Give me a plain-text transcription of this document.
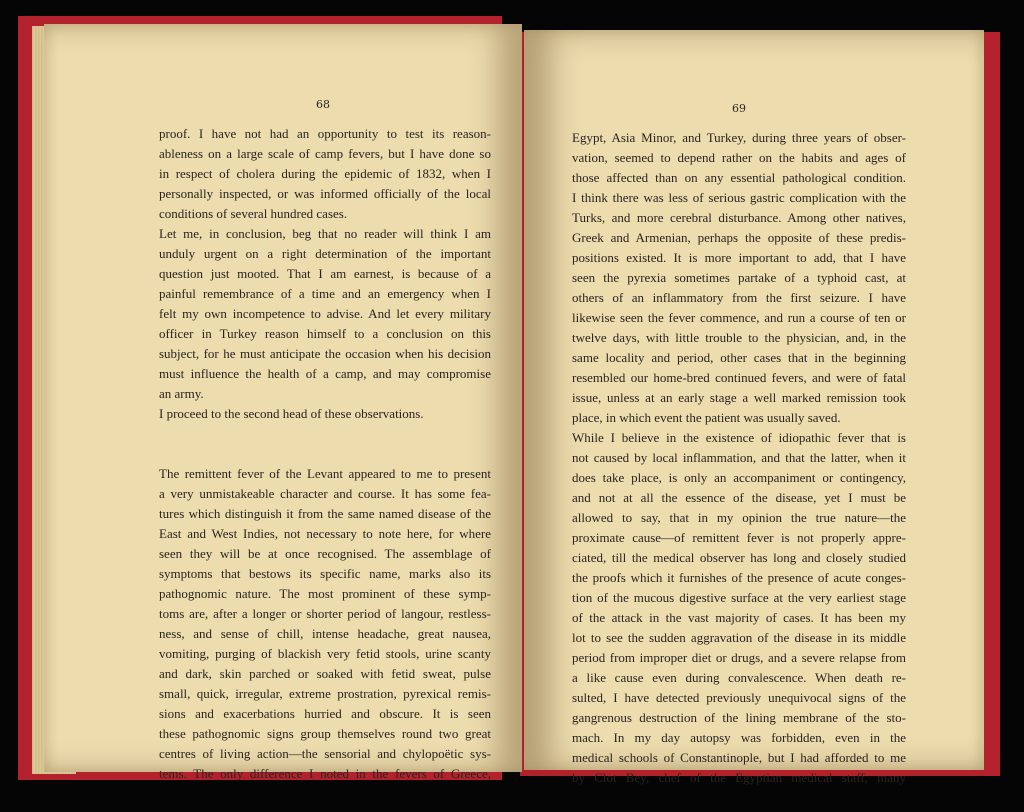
68
proof. I have not had an opportunity to test its reason-
ableness on a large scale of camp fevers, but I have done so
in respect of cholera during the epidemic of 1832, when I
personally inspected, or was informed officially of the local
conditions of several hundred cases.
Let me, in conclusion, beg that no reader will think I am
unduly urgent on a right determination of the important
question just mooted. That I am earnest, is because of a
painful remembrance of a time and an emergency when I
felt my own incompetence to advise. And let every military
officer in Turkey reason himself to a conclusion on this
subject, for he must anticipate the occasion when his decision
must influence the health of a camp, and may compromise
an army.
I proceed to the second head of these observations.
The remittent fever of the Levant appeared to me to present
a very unmistakeable character and course. It has some fea-
tures which distinguish it from the same named disease of the
East and West Indies, not necessary to note here, for where
seen they will be at once recognised. The assemblage of
symptoms that bestows its specific name, marks also its
pathognomic nature. The most prominent of these symp-
toms are, after a longer or shorter period of langour, restless-
ness, and sense of chill, intense headache, great nausea,
vomiting, purging of blackish very fetid stools, urine scanty
and dark, skin parched or soaked with fetid sweat, pulse
small, quick, irregular, extreme prostration, pyrexical remis-
sions and exacerbations hurried and obscure. It is seen
these pathognomic signs group themselves round two great
centres of living action—the sensorial and chylopoëtic sys-
tems. The only difference I noted in the fevers of Greece,
69
Egypt, Asia Minor, and Turkey, during three years of obser-
vation, seemed to depend rather on the habits and ages of
those affected than on any essential pathological condition.
I think there was less of serious gastric complication with the
Turks, and more cerebral disturbance. Among other natives,
Greek and Armenian, perhaps the opposite of these predis-
positions existed. It is more important to add, that I have
seen the pyrexia sometimes partake of a typhoid cast, at
others of an inflammatory from the first seizure. I have
likewise seen the fever commence, and run a course of ten or
twelve days, with little trouble to the physician, and, in the
same locality and period, other cases that in the beginning
resembled our home-bred continued fevers, and were of fatal
issue, unless at an early stage a well marked remission took
place, in which event the patient was usually saved.
While I believe in the existence of idiopathic fever that is
not caused by local inflammation, and that the latter, when it
does take place, is only an accompaniment or contingency,
and not at all the essence of the disease, yet I must be
allowed to say, that in my opinion the true nature—the
proximate cause—of remittent fever is not properly appre-
ciated, till the medical observer has long and closely studied
the proofs which it furnishes of the presence of acute conges-
tion of the mucous digestive surface at the very earliest stage
of the attack in the vast majority of cases. It has been my
lot to see the sudden aggravation of the disease in its middle
period from improper diet or drugs, and a severe relapse from
a like cause even during convalescence. When death re-
sulted, I have detected previously unequivocal signs of the
gangrenous destruction of the lining membrane of the sto-
mach. In my day autopsy was forbidden, even in the
medical schools of Constantinople, but I had afforded to me
by Clot Bey, chef of the Egyptian medical staff, many
